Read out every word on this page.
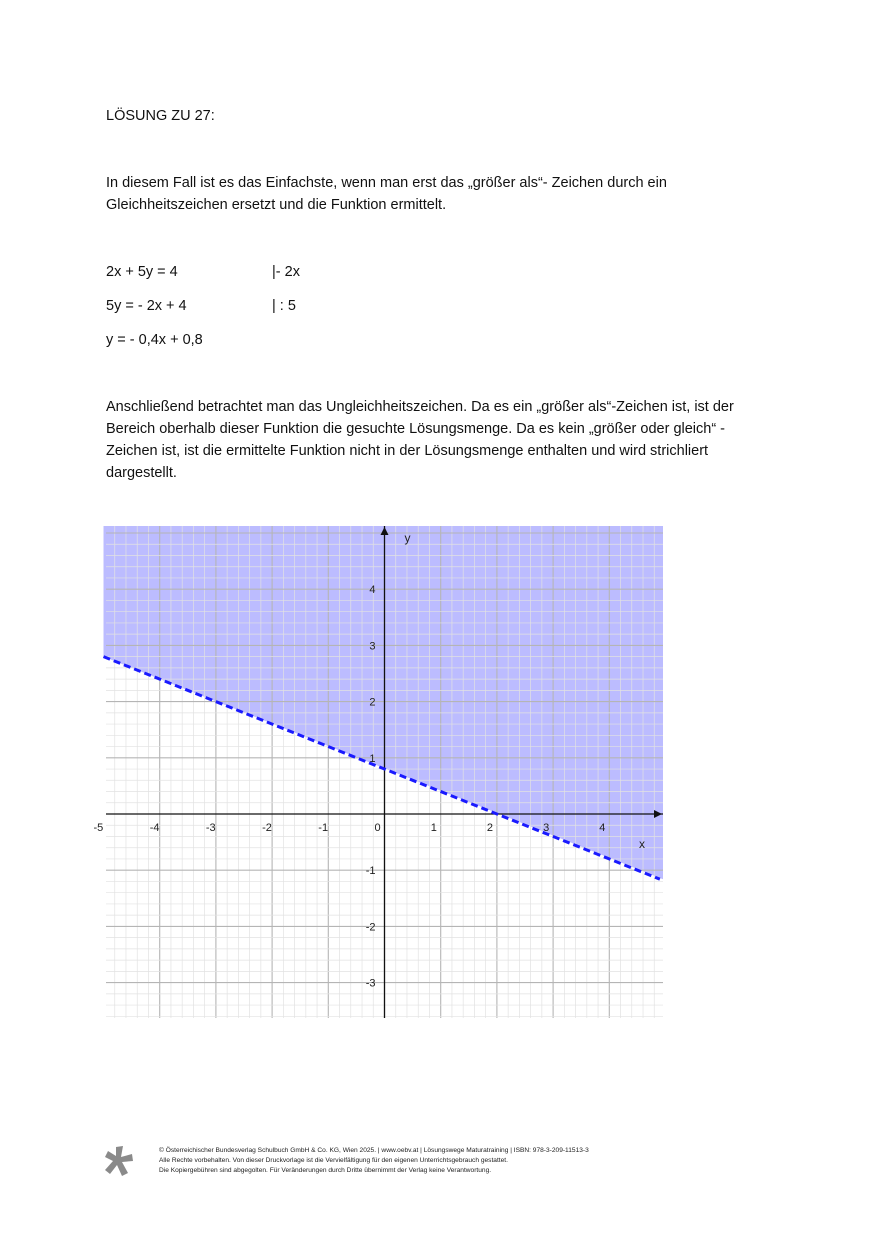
LÖSUNG ZU 27:
In diesem Fall ist es das Einfachste, wenn man erst das „größer als“- Zeichen durch ein Gleichheitszeichen ersetzt und die Funktion ermittelt.
2x + 5y = 4	|- 2x
5y = - 2x + 4	| : 5
y = - 0,4x + 0,8
Anschließend betrachtet man das Ungleichheitszeichen. Da es ein „größer als“-Zeichen ist, ist der Bereich oberhalb dieser Funktion die gesuchte Lösungsmenge. Da es kein „größer oder gleich“ -Zeichen ist, ist die ermittelte Funktion nicht in der Lösungsmenge enthalten und wird strichliert dargestellt.
-5	-4	-3	-2	-1	0	1	2	3	4
-3
-2
-1
1
2
3
4
x
y
© Österreichischer Bundesverlag Schulbuch GmbH & Co. KG, Wien 2025. | www.oebv.at | Lösungswege Maturatraining | ISBN: 978-3-209-11513-3
Alle Rechte vorbehalten. Von dieser Druckvorlage ist die Vervielfältigung für den eigenen Unterrichtsgebrauch gestattet.
Die Kopiergebühren sind abgegolten. Für Veränderungen durch Dritte übernimmt der Verlag keine Verantwortung.
